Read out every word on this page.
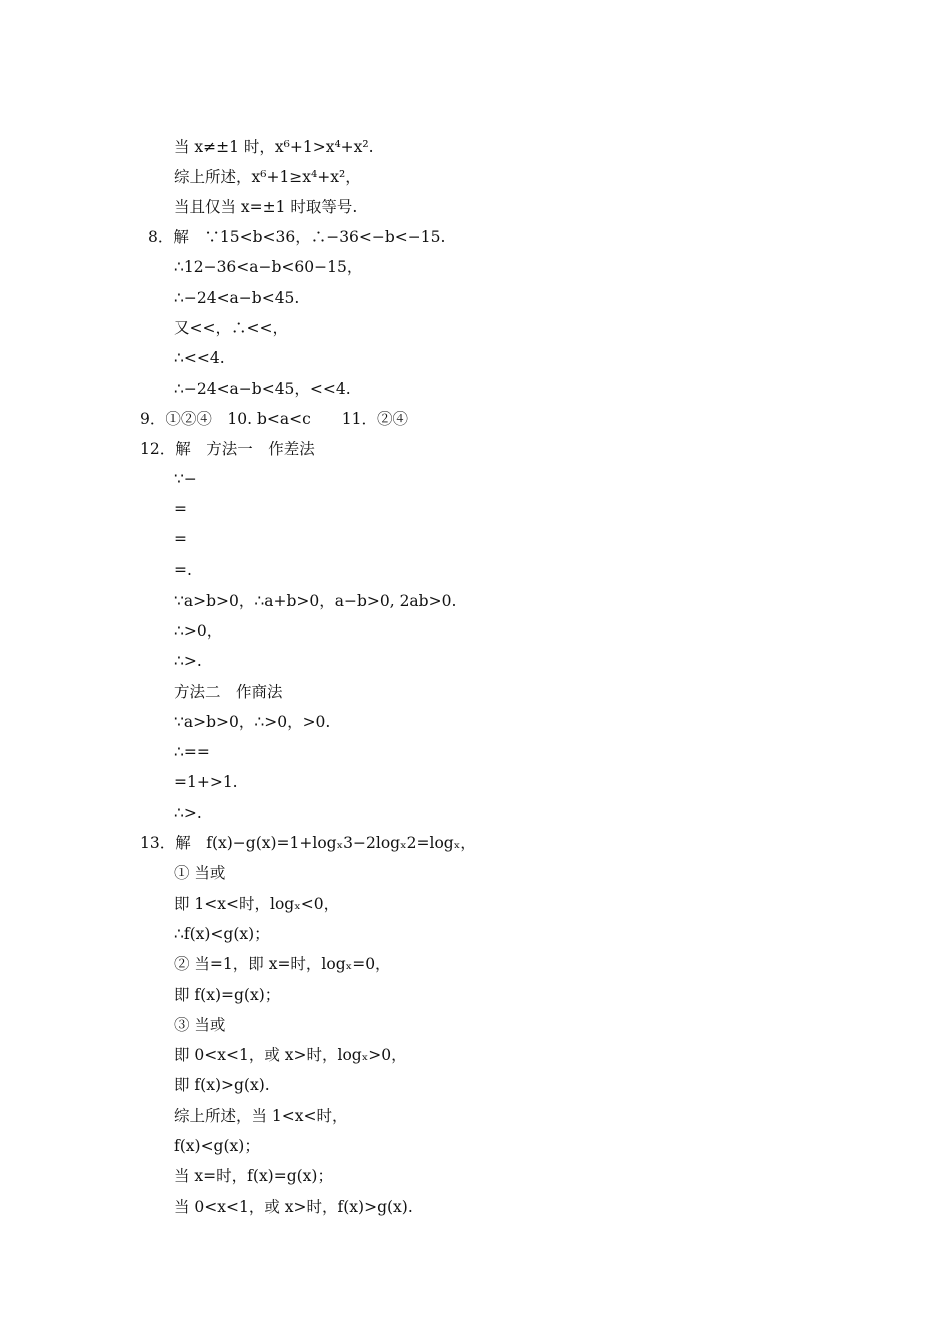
当 x≠±1 时，x⁶+1>x⁴+x².
综上所述，x⁶+1≥x⁴+x²，
当且仅当 x=±1 时取等号.
8．解　∵15<b<36，∴−36<−b<−15.
∴12−36<a−b<60−15，
∴−24<a−b<45.
又<<，∴<<，
∴<<4.
∴−24<a−b<45，<<4.
9．①②④　10. b<a<c　　11．②④
12．解　方法一　作差法
∵−
=
=
=.
∵a>b>0，∴a+b>0，a−b>0, 2ab>0.
∴>0，
∴>.
方法二　作商法
∵a>b>0，∴>0，>0.
∴==
=1+>1.
∴>.
13．解　f(x)−g(x)=1+logₓ3−2logₓ2=logₓ，
① 当或
即 1<x<时，logₓ<0，
∴f(x)<g(x)；
② 当=1，即 x=时，logₓ=0，
即 f(x)=g(x)；
③ 当或
即 0<x<1，或 x>时，logₓ>0，
即 f(x)>g(x).
综上所述，当 1<x<时，
f(x)<g(x)；
当 x=时，f(x)=g(x)；
当 0<x<1，或 x>时，f(x)>g(x).
